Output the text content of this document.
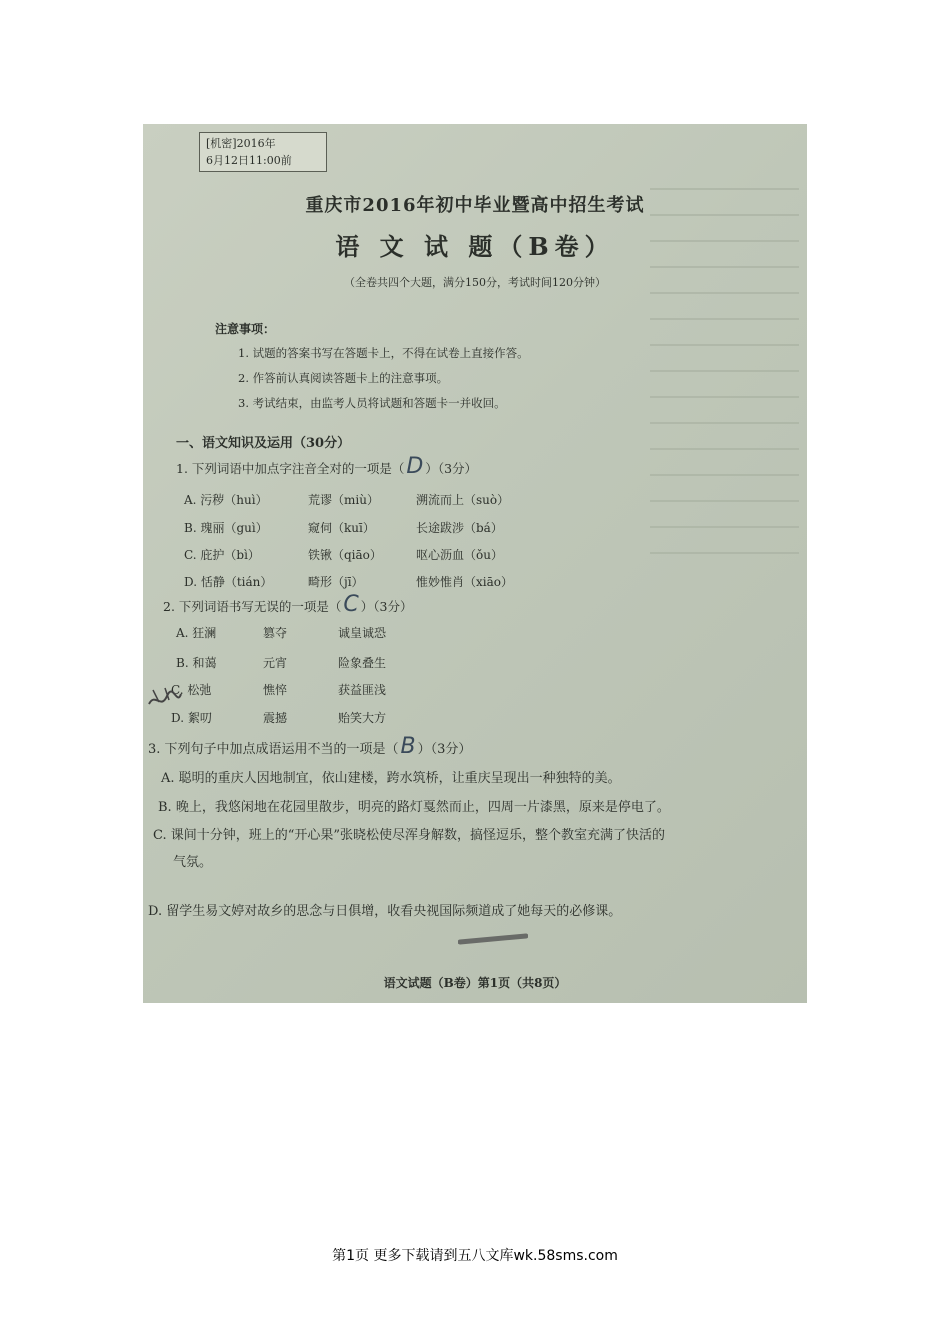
[机密]2016年
6月12日11:00前
重庆市2016年初中毕业暨高中招生考试
语 文 试 题（B卷）
（全卷共四个大题，满分150分，考试时间120分钟）
注意事项：
1. 试题的答案书写在答题卡上，不得在试卷上直接作答。
2. 作答前认真阅读答题卡上的注意事项。
3. 考试结束，由监考人员将试题和答题卡一并收回。
一、语文知识及运用（30分）
1. 下列词语中加点字注音全对的一项是（D ）（3分）
A. 污秽（huì）	荒谬（miù）	溯流而上（suò）
B. 瑰丽（guì）	窥伺（kuī）	长途跋涉（bá）
C. 庇护（bì）	铁锹（qiāo）	呕心沥血（ǒu）
D. 恬静（tián）	畸形（jī）	惟妙惟肖（xiāo）
2. 下列词语书写无误的一项是（C ）（3分）
A. 狂澜	篡夺	诚皇诚恐
B. 和蔼	元宵	险象叠生
C. 松弛	憔悴	获益匪浅
D. 絮叨	震撼	贻笑大方
3. 下列句子中加点成语运用不当的一项是（B ）（3分）
A. 聪明的重庆人因地制宜，依山建楼，跨水筑桥，让重庆呈现出一种独特的美。
B. 晚上，我悠闲地在花园里散步，明亮的路灯戛然而止，四周一片漆黑，原来是停电了。
C. 课间十分钟，班上的“开心果”张晓松使尽浑身解数，搞怪逗乐，整个教室充满了快活的
气氛。
D. 留学生易文婷对故乡的思念与日俱增，收看央视国际频道成了她每天的必修课。
语文试题（B卷）第1页（共8页）
第1页 更多下载请到五八文库wk.58sms.com
